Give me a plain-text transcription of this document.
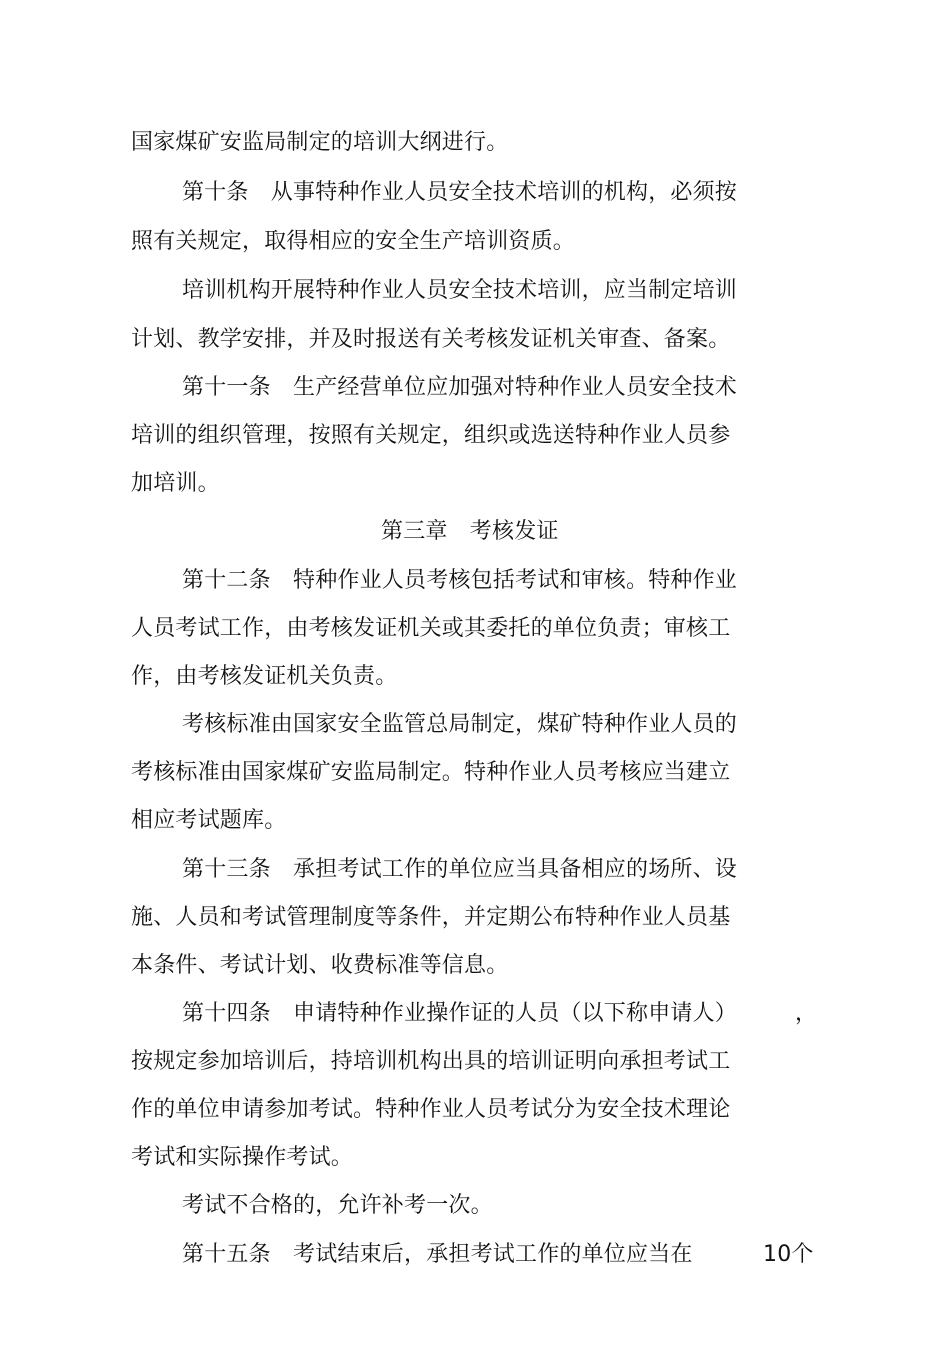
国家煤矿安监局制定的培训大纲进行。
第十条　从事特种作业人员安全技术培训的机构，必须按
照有关规定，取得相应的安全生产培训资质。
培训机构开展特种作业人员安全技术培训，应当制定培训
计划、教学安排，并及时报送有关考核发证机关审查、备案。
第十一条　生产经营单位应加强对特种作业人员安全技术
培训的组织管理，按照有关规定，组织或选送特种作业人员参
加培训。
第三章　考核发证
第十二条　特种作业人员考核包括考试和审核。特种作业
人员考试工作，由考核发证机关或其委托的单位负责；审核工
作，由考核发证机关负责。
考核标准由国家安全监管总局制定，煤矿特种作业人员的
考核标准由国家煤矿安监局制定。特种作业人员考核应当建立
相应考试题库。
第十三条　承担考试工作的单位应当具备相应的场所、设
施、人员和考试管理制度等条件，并定期公布特种作业人员基
本条件、考试计划、收费标准等信息。
第十四条　申请特种作业操作证的人员（以下称申请人）	，
按规定参加培训后，持培训机构出具的培训证明向承担考试工
作的单位申请参加考试。特种作业人员考试分为安全技术理论
考试和实际操作考试。
考试不合格的，允许补考一次。
第十五条　考试结束后，承担考试工作的单位应当在	10个
